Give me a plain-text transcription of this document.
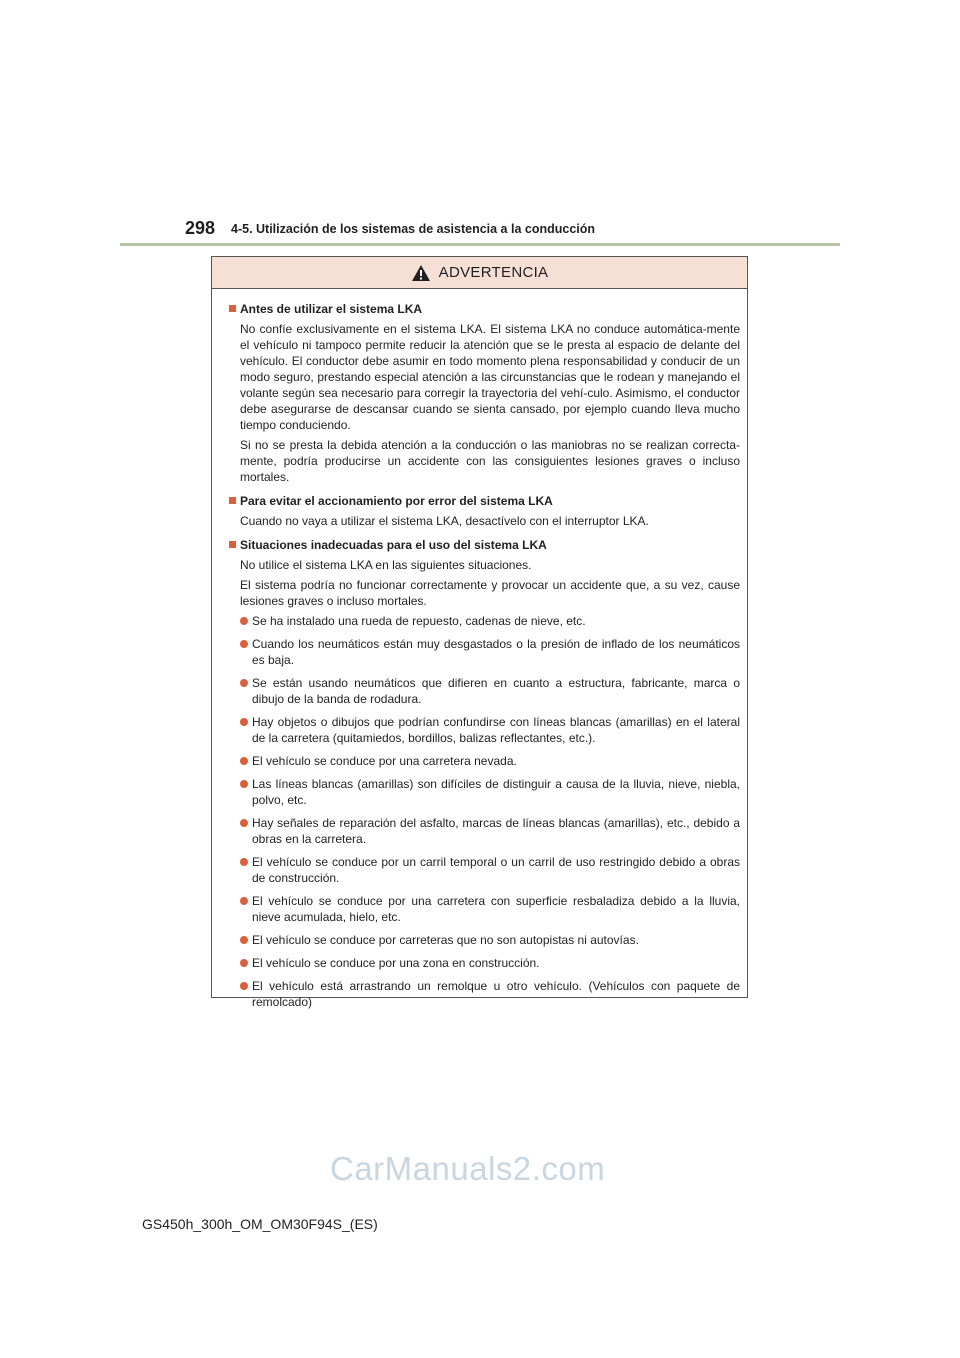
298 4-5. Utilización de los sistemas de asistencia a la conducción
ADVERTENCIA
Antes de utilizar el sistema LKA
No confíe exclusivamente en el sistema LKA. El sistema LKA no conduce automática-mente el vehículo ni tampoco permite reducir la atención que se le presta al espacio de delante del vehículo. El conductor debe asumir en todo momento plena responsabilidad y conducir de un modo seguro, prestando especial atención a las circunstancias que le rodean y manejando el volante según sea necesario para corregir la trayectoria del vehí-culo. Asimismo, el conductor debe asegurarse de descansar cuando se sienta cansado, por ejemplo cuando lleva mucho tiempo conduciendo.
Si no se presta la debida atención a la conducción o las maniobras no se realizan correcta-mente, podría producirse un accidente con las consiguientes lesiones graves o incluso mortales.
Para evitar el accionamiento por error del sistema LKA
Cuando no vaya a utilizar el sistema LKA, desactívelo con el interruptor LKA.
Situaciones inadecuadas para el uso del sistema LKA
No utilice el sistema LKA en las siguientes situaciones.
El sistema podría no funcionar correctamente y provocar un accidente que, a su vez, cause lesiones graves o incluso mortales.
Se ha instalado una rueda de repuesto, cadenas de nieve, etc.
Cuando los neumáticos están muy desgastados o la presión de inflado de los neumáticos es baja.
Se están usando neumáticos que difieren en cuanto a estructura, fabricante, marca o dibujo de la banda de rodadura.
Hay objetos o dibujos que podrían confundirse con líneas blancas (amarillas) en el lateral de la carretera (quitamiedos, bordillos, balizas reflectantes, etc.).
El vehículo se conduce por una carretera nevada.
Las líneas blancas (amarillas) son difíciles de distinguir a causa de la lluvia, nieve, niebla, polvo, etc.
Hay señales de reparación del asfalto, marcas de líneas blancas (amarillas), etc., debido a obras en la carretera.
El vehículo se conduce por un carril temporal o un carril de uso restringido debido a obras de construcción.
El vehículo se conduce por una carretera con superficie resbaladiza debido a la lluvia, nieve acumulada, hielo, etc.
El vehículo se conduce por carreteras que no son autopistas ni autovías.
El vehículo se conduce por una zona en construcción.
El vehículo está arrastrando un remolque u otro vehículo. (Vehículos con paquete de remolcado)
CarManuals2.com
GS450h_300h_OM_OM30F94S_(ES)
